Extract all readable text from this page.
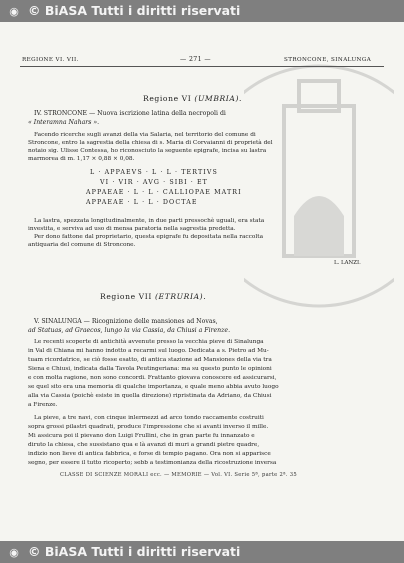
◉ © BiASA Tutti i diritti riservati
REGIONE VI. VII.	— 271 —	STRONCONE, SINALUNGA
Regione VI (UMBRIA).
IV. STRONCONE — Nuova iscrizione latina della necropoli di
« Interamna Nahars ».
Facendo ricerche sugli avanzi della via Salaria, nel territorio del comune di
Stroncone, entro la sagrestia della chiesa di s. Maria di Corvaianni di proprietà del
notaio sig. Ulisse Contessa, ho riconosciuto la seguente epigrafe, incisa su lastra
marmorea di m. 1,17 × 0,88 × 0,08.
L · APPAEVS · L · L · TERTIVS
VI · VIR · AVG · SIBI · ET
APPAEAE · L · L · CALLIOPAE MATRI
APPAEAE · L · L · DOCTAE
La lastra, spezzata longitudinalmente, in due parti pressochè uguali, era stata
investita, e serviva ad uso di mensa paratoria nella sagrestia predetta.
Per dono fattone dal proprietario, questa epigrafe fu depositata nella raccolta
antiquaria del comune di Stroncone.
L. LANZI.
Regione VII (ETRURIA).
V. SINALUNGA — Ricognizione delle mansiones ad Novas,
ad Statuas, ad Graecos, lungo la via Cassia, da Chiusi a Firenze.
Le recenti scoperte di antichità avvenute presso la vecchia pieve di Sinalunga
in Val di Chiana mi hanno indotto a recarmi sul luogo. Dedicata a s. Pietro ad Mu-
tuam ricordatrice, se ciò fosse esatto, di antica stazione ad Mansiones della via tra
Siena e Chiusi, indicata dalla Tavola Peutingeriana: ma su questo punto le opinioni
e con molta ragione, non sono concordi. Frattanto giovava conoscere ed assicurarsi,
se quel sito era una memoria di qualche importanza, e quale meno abbia avuto luogo
alla via Cassia (poichè esiste in quella direzione) ripristinata da Adriano, da Chiusi
a Firenze.
La pieve, a tre navi, con cinque inlermezzi ad arco tondo raccamente costruiti
sopra grossi pilastri quadrati, produce l'impressione che si avanti inverso il mille.
Mi assicura poi il pievano don Luigi Frullini, che in gran parte fu innanzato e
diruto la chiesa, che sussistano qua e là avanzi di muri a grandi pietre quadre,
indizio non lieve di antica fabbrica, e forse di tempio pagano. Ora non si appariscе
segno, per essere il tutto ricoperto; sebb a testimonianza della ricostruzione inversa
CLASSE DI SCIENZE MORALI ecc. — MEMORIE — Vol. VI. Serie 5ª, parte 2ª. 35
◉ © BiASA Tutti i diritti riservati
